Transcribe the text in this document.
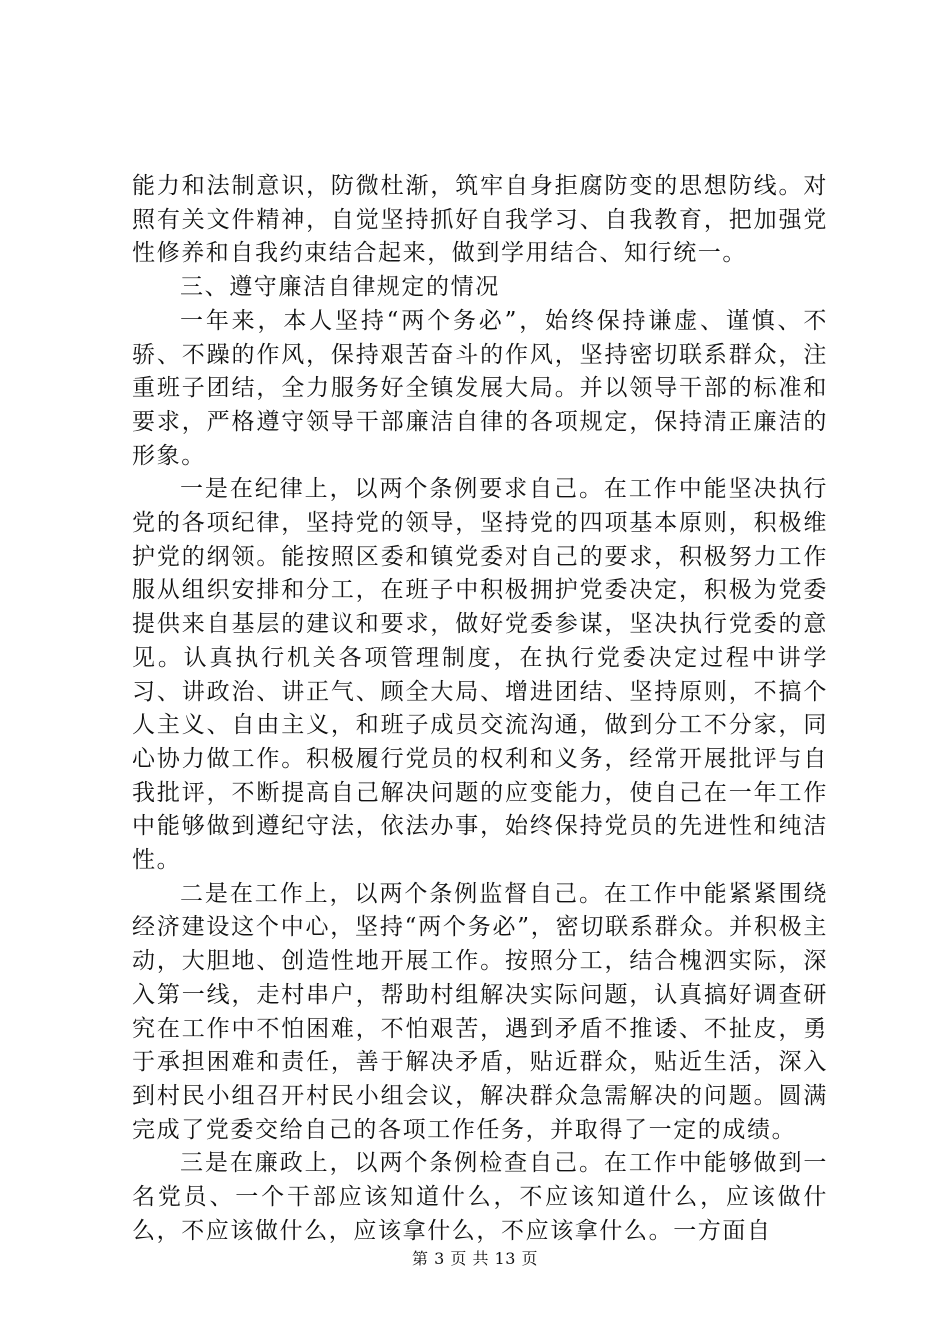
能力和法制意识，防微杜渐，筑牢自身拒腐防变的思想防线。对照有关文件精神，自觉坚持抓好自我学习、自我教育，把加强党性修养和自我约束结合起来，做到学用结合、知行统一。

三、遵守廉洁自律规定的情况

一年来，本人坚持“两个务必”，始终保持谦虚、谨慎、不骄、不躁的作风，保持艰苦奋斗的作风，坚持密切联系群众，注重班子团结，全力服务好全镇发展大局。并以领导干部的标准和要求，严格遵守领导干部廉洁自律的各项规定，保持清正廉洁的形象。

一是在纪律上，以两个条例要求自己。在工作中能坚决执行党的各项纪律，坚持党的领导，坚持党的四项基本原则，积极维护党的纲领。能按照区委和镇党委对自己的要求，积极努力工作服从组织安排和分工，在班子中积极拥护党委决定，积极为党委提供来自基层的建议和要求，做好党委参谋，坚决执行党委的意见。认真执行机关各项管理制度，在执行党委决定过程中讲学习、讲政治、讲正气、顾全大局、增进团结、坚持原则，不搞个人主义、自由主义，和班子成员交流沟通，做到分工不分家，同心协力做工作。积极履行党员的权利和义务，经常开展批评与自我批评，不断提高自己解决问题的应变能力，使自己在一年工作中能够做到遵纪守法，依法办事，始终保持党员的先进性和纯洁性。

二是在工作上，以两个条例监督自己。在工作中能紧紧围绕经济建设这个中心，坚持“两个务必”，密切联系群众。并积极主动，大胆地、创造性地开展工作。按照分工，结合槐泗实际，深入第一线，走村串户，帮助村组解决实际问题，认真搞好调查研究在工作中不怕困难，不怕艰苦，遇到矛盾不推诿、不扯皮，勇于承担困难和责任，善于解决矛盾，贴近群众，贴近生活，深入到村民小组召开村民小组会议，解决群众急需解决的问题。圆满完成了党委交给自己的各项工作任务，并取得了一定的成绩。

三是在廉政上，以两个条例检查自己。在工作中能够做到一名党员、一个干部应该知道什么，不应该知道什么，应该做什么，不应该做什么，应该拿什么，不应该拿什么。一方面自

第 3 页 共 13 页
